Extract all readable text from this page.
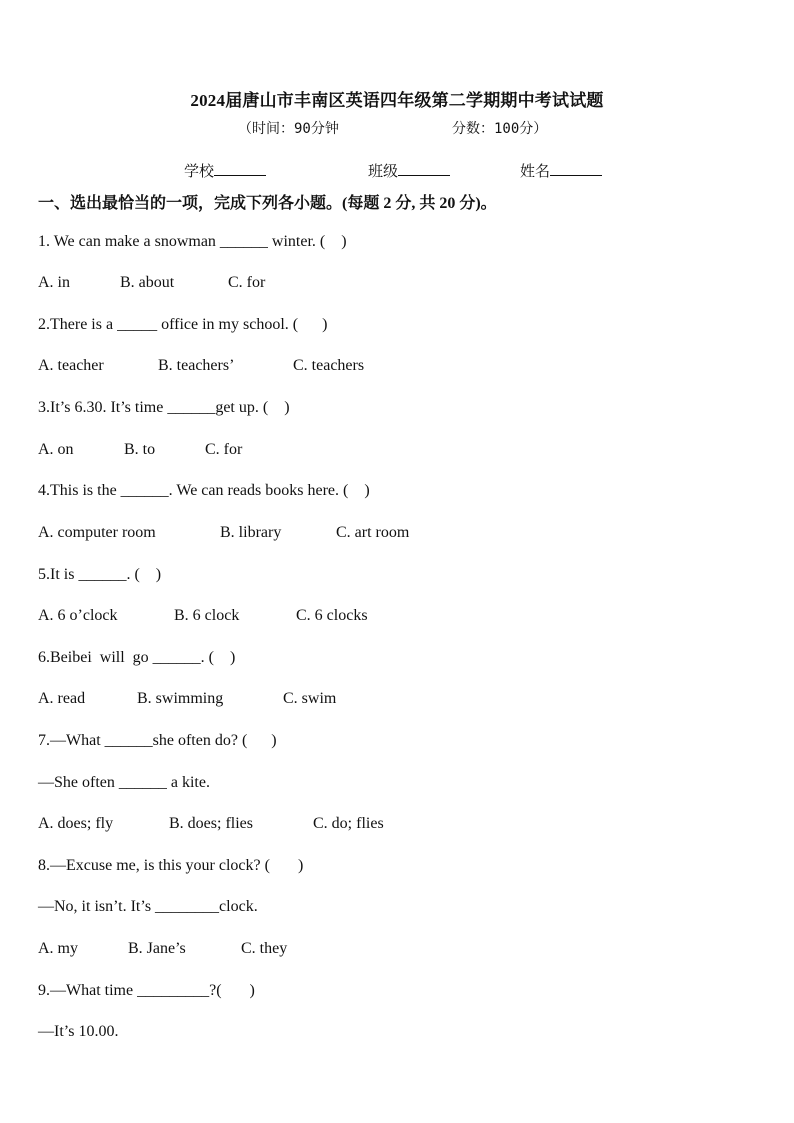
2024届唐山市丰南区英语四年级第二学期期中考试试题
（时间：90分钟	分数：100分）
学校	班级	姓名
一、选出最恰当的一项，完成下列各小题。(每题 2 分, 共 20 分)。
1. We can make a snowman ______ winter. (    )
A. in	B. about	C. for
2.There is a _____ office in my school. (      )
A. teacher	B. teachers’	C. teachers
3.It’s 6.30. It’s time ______get up. (    )
A. on	B. to	C. for
4.This is the ______. We can reads books here. (    )
A. computer room	B. library	C. art room
5.It is ______. (    )
A. 6 o’clock	B. 6 clock	C. 6 clocks
6.Beibei  will  go ______. (    )
A. read	B. swimming	C. swim
7.—What ______she often do? (      )
—She often ______ a kite.
A. does; fly	B. does; flies	C. do; flies
8.—Excuse me, is this your clock? (       )
—No, it isn’t. It’s ________clock.
A. my	B. Jane’s	C. they
9.—What time _________?(       )
—It’s 10.00.
